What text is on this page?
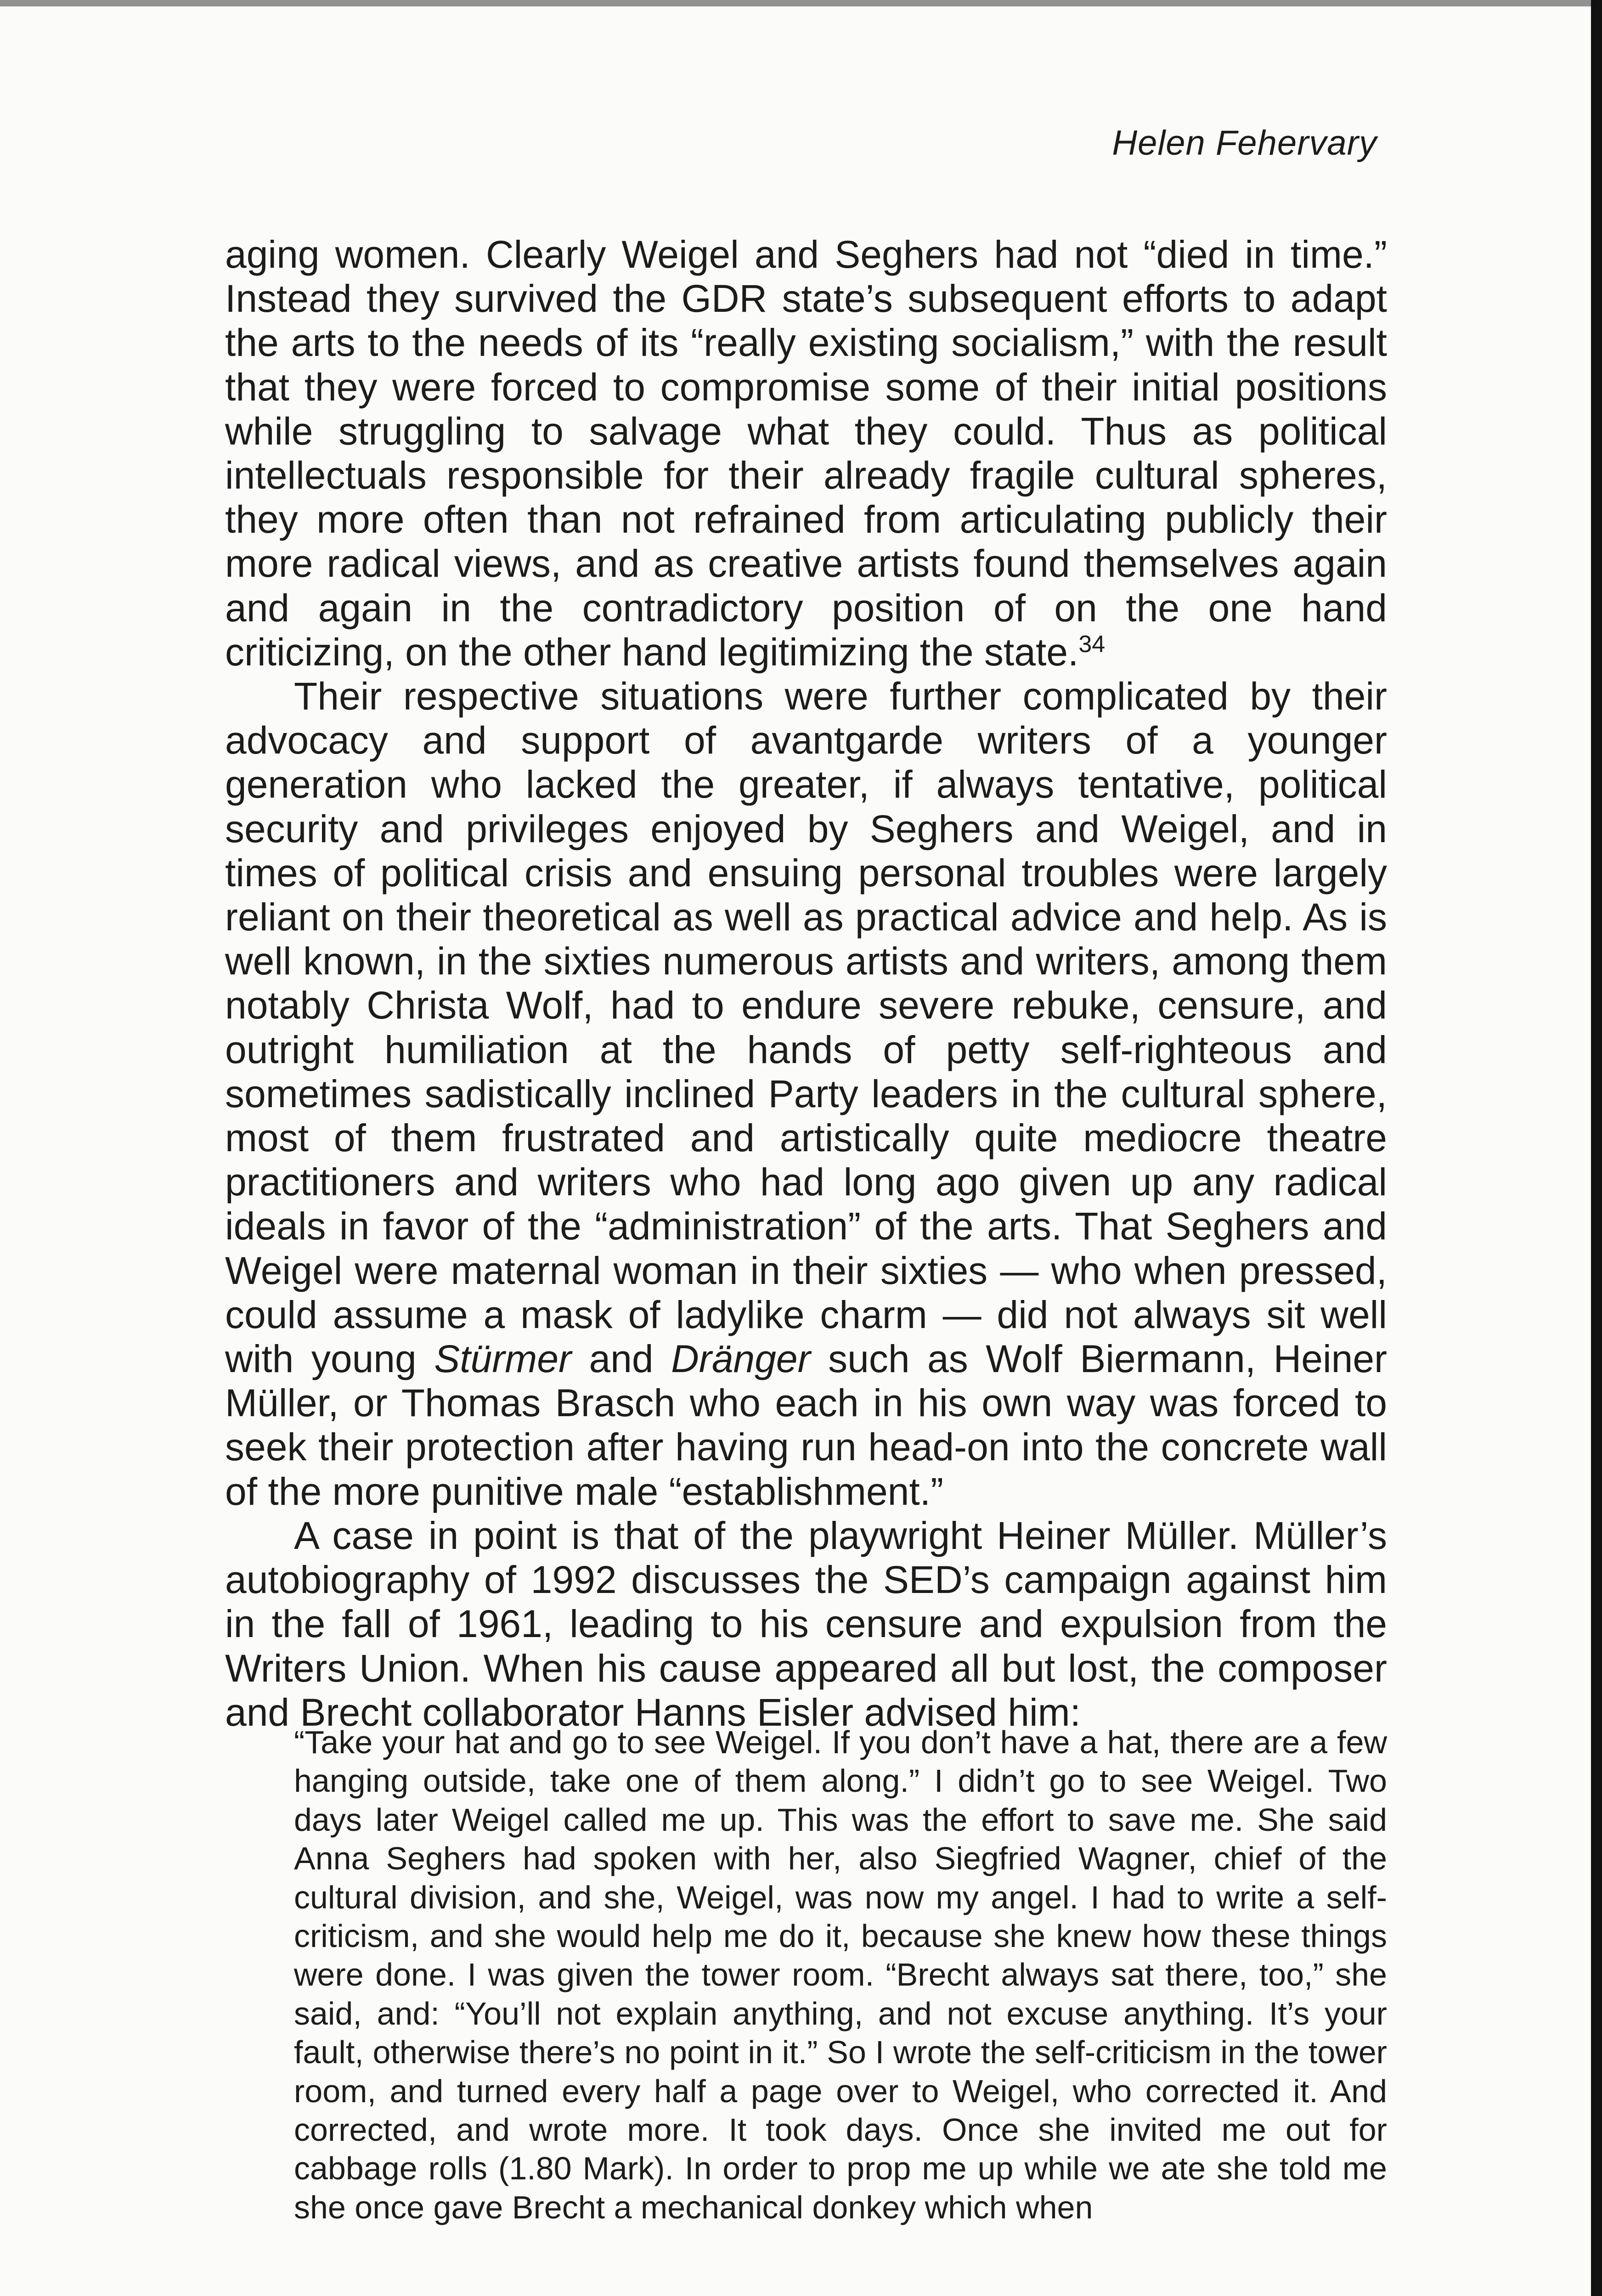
Helen Fehervary

aging women. Clearly Weigel and Seghers had not “died in time.” Instead they survived the GDR state’s subsequent efforts to adapt the arts to the needs of its “really existing socialism,” with the result that they were forced to compromise some of their initial positions while struggling to salvage what they could. Thus as political intellectuals responsible for their already fragile cultural spheres, they more often than not refrained from articulating publicly their more radical views, and as creative artists found themselves again and again in the contradictory position of on the one hand criticizing, on the other hand legitimizing the state.$^{34}$

Their respective situations were further complicated by their advocacy and support of avantgarde writers of a younger generation who lacked the greater, if always tentative, political security and privileges enjoyed by Seghers and Weigel, and in times of political crisis and ensuing personal troubles were largely reliant on their theoretical as well as practical advice and help. As is well known, in the sixties numerous artists and writers, among them notably Christa Wolf, had to endure severe rebuke, censure, and outright humiliation at the hands of petty self-righteous and sometimes sadistically inclined Party leaders in the cultural sphere, most of them frustrated and artistically quite mediocre theatre practitioners and writers who had long ago given up any radical ideals in favor of the “administration” of the arts. That Seghers and Weigel were maternal woman in their sixties — who when pressed, could assume a mask of ladylike charm — did not always sit well with young Stürmer and Dränger such as Wolf Biermann, Heiner Müller, or Thomas Brasch who each in his own way was forced to seek their protection after having run head-on into the concrete wall of the more punitive male “establishment.”

A case in point is that of the playwright Heiner Müller. Müller’s autobiography of 1992 discusses the SED’s campaign against him in the fall of 1961, leading to his censure and expulsion from the Writers Union. When his cause appeared all but lost, the composer and Brecht collaborator Hanns Eisler advised him:

“Take your hat and go to see Weigel. If you don’t have a hat, there are a few hanging outside, take one of them along.” I didn’t go to see Weigel. Two days later Weigel called me up. This was the effort to save me. She said Anna Seghers had spoken with her, also Siegfried Wagner, chief of the cultural division, and she, Weigel, was now my angel. I had to write a self-criticism, and she would help me do it, because she knew how these things were done. I was given the tower room. “Brecht always sat there, too,” she said, and: “You’ll not explain anything, and not excuse anything. It’s your fault, otherwise there’s no point in it.” So I wrote the self-criticism in the tower room, and turned every half a page over to Weigel, who corrected it. And corrected, and wrote more. It took days. Once she invited me out for cabbage rolls (1.80 Mark). In order to prop me up while we ate she told me she once gave Brecht a mechanical donkey which when
